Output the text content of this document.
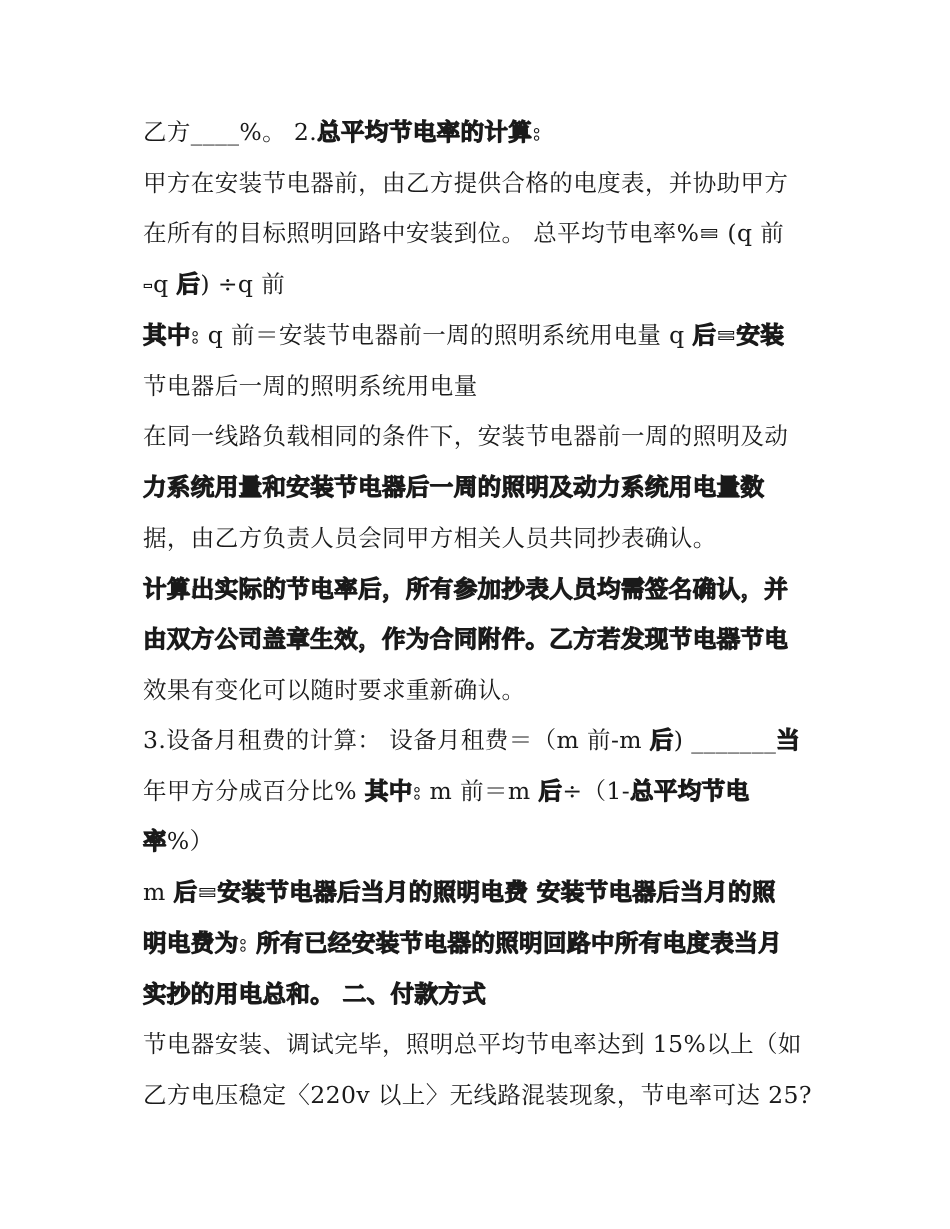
乙方____%。 2.总平均节电率的计算:
甲方在安装节电器前，由乙方提供合格的电度表，并协助甲方
在所有的目标照明回路中安装到位。 总平均节电率%= (q 前
-q 后) ÷q 前
其中: q 前＝安装节电器前一周的照明系统用电量 q 后=安装
节电器后一周的照明系统用电量
在同一线路负载相同的条件下，安装节电器前一周的照明及动
力系统用量和安装节电器后一周的照明及动力系统用电量数
据，由乙方负责人员会同甲方相关人员共同抄表确认。
计算出实际的节电率后，所有参加抄表人员均需签名确认，并
由双方公司盖章生效，作为合同附件。乙方若发现节电器节电
效果有变化可以随时要求重新确认。
3.设备月租费的计算： 设备月租费＝（m 前-m 后) _______当
年甲方分成百分比% 其中: m 前＝m 后÷（1-总平均节电
率%）
m 后=安装节电器后当月的照明电费 安装节电器后当月的照
明电费为: 所有已经安装节电器的照明回路中所有电度表当月
实抄的用电总和。 二、付款方式
节电器安装、调试完毕，照明总平均节电率达到 15%以上（如
乙方电压稳定〈220v 以上〉无线路混装现象，节电率可达 25?
